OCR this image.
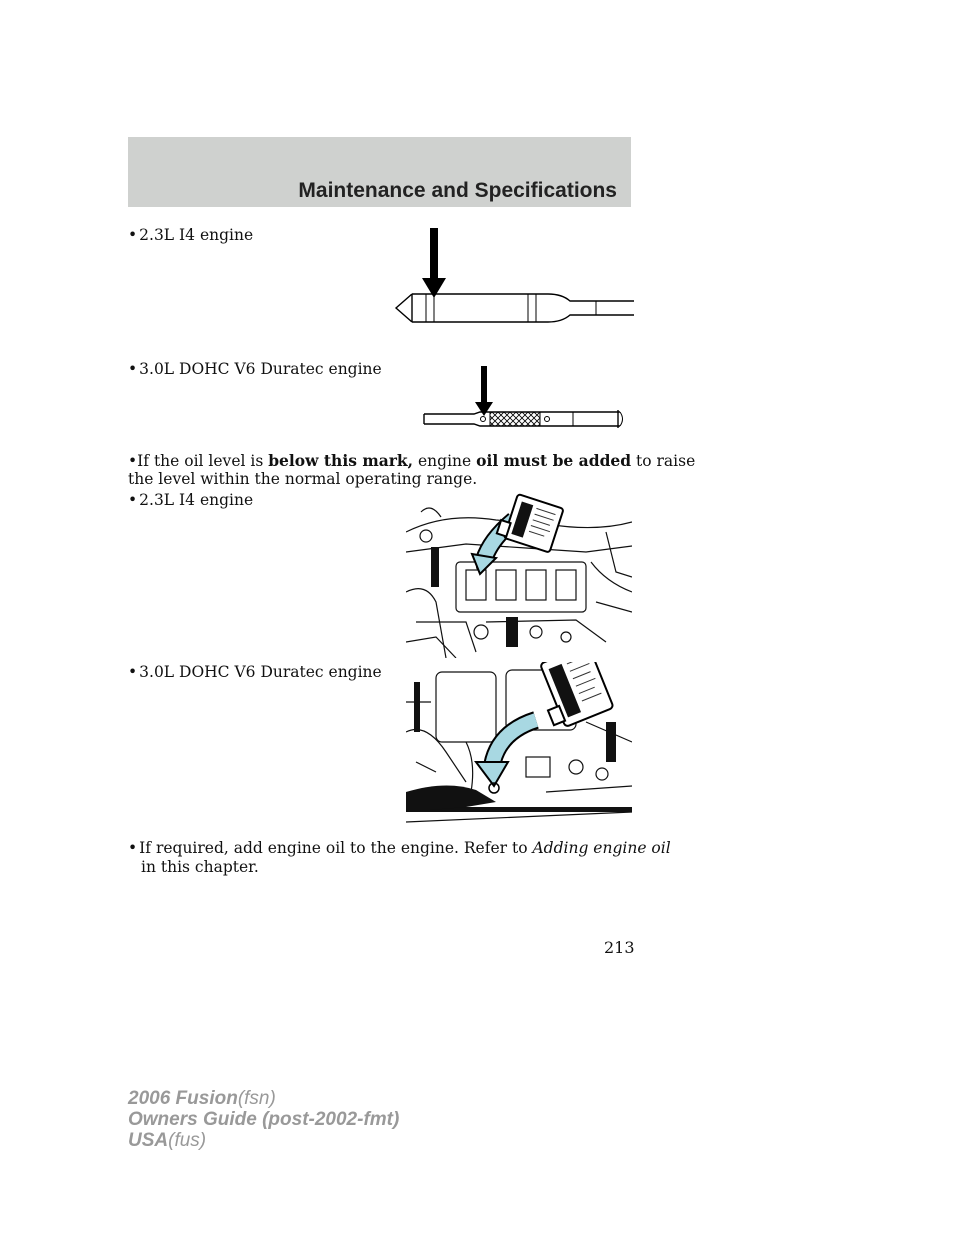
Maintenance and Specifications
• 2.3L I4 engine
• 3.0L DOHC V6 Duratec engine
•If the oil level is below this mark, engine oil must be added to raise
the level within the normal operating range.
• 2.3L I4 engine
• 3.0L DOHC V6 Duratec engine
• If required, add engine oil to the engine. Refer to Adding engine oil
in this chapter.
213
2006 Fusion(fsn)
Owners Guide (post-2002-fmt)
USA(fus)
